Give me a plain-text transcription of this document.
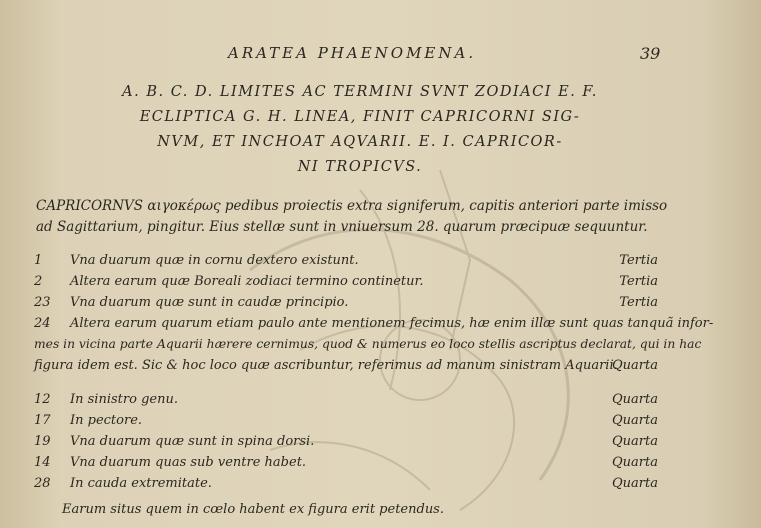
ARATEA PHAENOMENA.	39
A. B. C. D. LIMITES AC TERMINI SVNT ZODIACI E. F.
ECLIPTICA G. H. LINEA, FINIT CAPRICORNI SIG-
NVM, ET INCHOAT AQVARII. E. I. CAPRICOR-
NI TROPICVS.
CAPRICORNVS αιγοκέρως pedibus proiectis extra signiferum, capitis anteriori parte imisso
ad Sagittarium, pingitur. Eius stellæ sunt in vniuersum 28. quarum præcipuæ sequuntur.
1	Vna duarum quæ in cornu dextero existunt.	Tertia
2	Altera earum quæ Boreali zodiaci termino continetur.	Tertia
23	Vna duarum quæ sunt in caudæ principio.	Tertia
24	Altera earum quarum etiam paulo ante mentionem fecimus, hæ enim illæ sunt quas tanquã infor-
mes in vicina parte Aquarii hærere cernimus, quod & numerus eo loco stellis ascriptus declarat, qui in hac
figura idem est. Sic & hoc loco quæ ascribuntur, referimus ad manum sinistram Aquarii.
Quarta
12	In sinistro genu.	Quarta
17	In pectore.	Quarta
19	Vna duarum quæ sunt in spina dorsi.	Quarta
14	Vna duarum quas sub ventre habet.	Quarta
28	In cauda extremitate.	Quarta
Earum situs quem in cœlo habent ex figura erit petendus.
